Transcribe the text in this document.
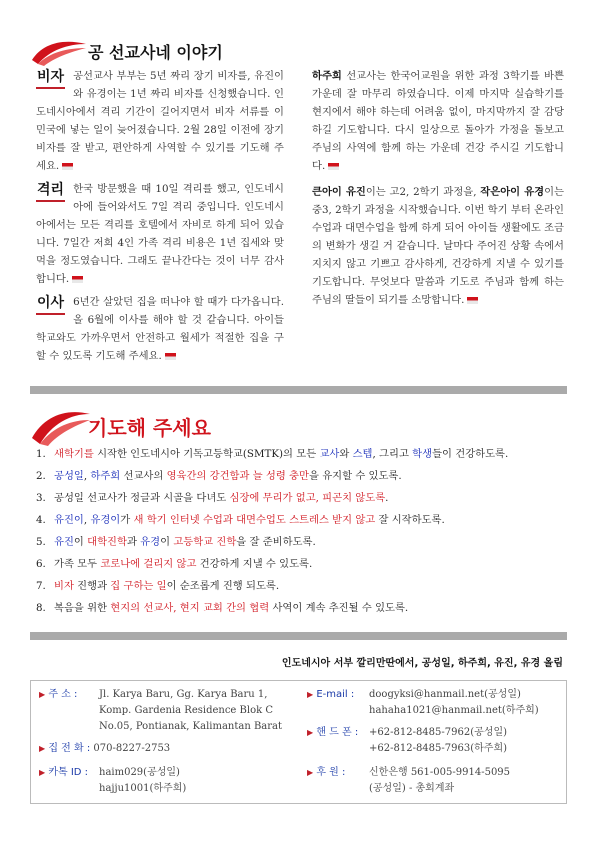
공 선교사네 이야기

비자 공선교사 부부는 5년 짜리 장기 비자를, 유진이와 유경이는 1년 짜리 비자를 신청했습니다. 인도네시아에서 격리 기간이 길어지면서 비자 서류를 이민국에 넣는 일이 늦어졌습니다. 2월 28일 이전에 장기 비자를 잘 받고, 편안하게 사역할 수 있기를 기도해 주세요.

격리 한국 방문했을 때 10일 격리를 했고, 인도네시아에 들어와서도 7일 격리 중입니다. 인도네시아에서는 모든 격리를 호텔에서 자비로 하게 되어 있습니다. 7일간 저희 4인 가족 격리 비용은 1년 집세와 맞먹을 정도였습니다. 그래도 끝나간다는 것이 너무 감사합니다.

이사 6년간 살았던 집을 떠나야 할 때가 다가옵니다. 올 6월에 이사를 해야 할 것 같습니다. 아이들 학교와도 가까우면서 안전하고 월세가 적절한 집을 구할 수 있도록 기도해 주세요.

하주희 선교사는 한국어교원을 위한 과정 3학기를 바쁜 가운데 잘 마무리 하였습니다. 이제 마지막 실습학기를 현지에서 해야 하는데 어려움 없이, 마지막까지 잘 감당하길 기도합니다. 다시 일상으로 돌아가 가정을 돌보고 주님의 사역에 함께 하는 가운데 건강 주시길 기도합니다.

큰아이 유진이는 고2, 2학기 과정을, 작은아이 유경이는 중3, 2학기 과정을 시작했습니다. 이번 학기 부터 온라인 수업과 대면수업을 함께 하게 되어 아이들 생활에도 조금의 변화가 생길 거 같습니다. 날마다 주어진 상황 속에서 지치지 않고 기쁘고 감사하게, 건강하게 지낼 수 있기를 기도합니다. 무엇보다 말씀과 기도로 주님과 함께 하는 주님의 딸들이 되기를 소망합니다.

기도해 주세요
1. 새학기를 시작한 인도네시아 기독고등학교(SMTK)의 모든 교사와 스텝, 그리고 학생들이 건강하도록.
2. 공성일, 하주희 선교사의 영육간의 강건함과 늘 성령 충만을 유지할 수 있도록.
3. 공성일 선교사가 정글과 시골을 다녀도 심장에 무리가 없고, 피곤치 않도록.
4. 유진이, 유경이가 새 학기 인터넷 수업과 대면수업도 스트레스 받지 않고 잘 시작하도록.
5. 유진이 대학진학과 유경이 고등학교 진학을 잘 준비하도록.
6. 가족 모두 코로나에 걸리지 않고 건강하게 지낼 수 있도록.
7. 비자 진행과 집 구하는 일이 순조롭게 진행 되도록.
8. 복음을 위한 현지의 선교사, 현지 교회 간의 협력 사역이 계속 추진될 수 있도록.
인도네시아 서부 깔리만딴에서, 공성일, 하주희, 유진, 유경 올림
▶ 주 소 : Jl. Karya Baru, Gg. Karya Baru 1,
Komp. Gardenia Residence Blok C
No.05, Pontianak, Kalimantan Barat
▶ 집 전 화 : 070-8227-2753
▶ 카톡 ID : haim029(공성일)
hajju1001(하주희)
▶ E-mail : doogyksi@hanmail.net(공성일)
hahaha1021@hanmail.net(하주희)
▶ 핸 드 폰 : +62-812-8485-7962(공성일)
+62-812-8485-7963(하주희)
▶ 후 원 : 신한은행 561-005-9914-5095
(공성일) - 총회계좌
